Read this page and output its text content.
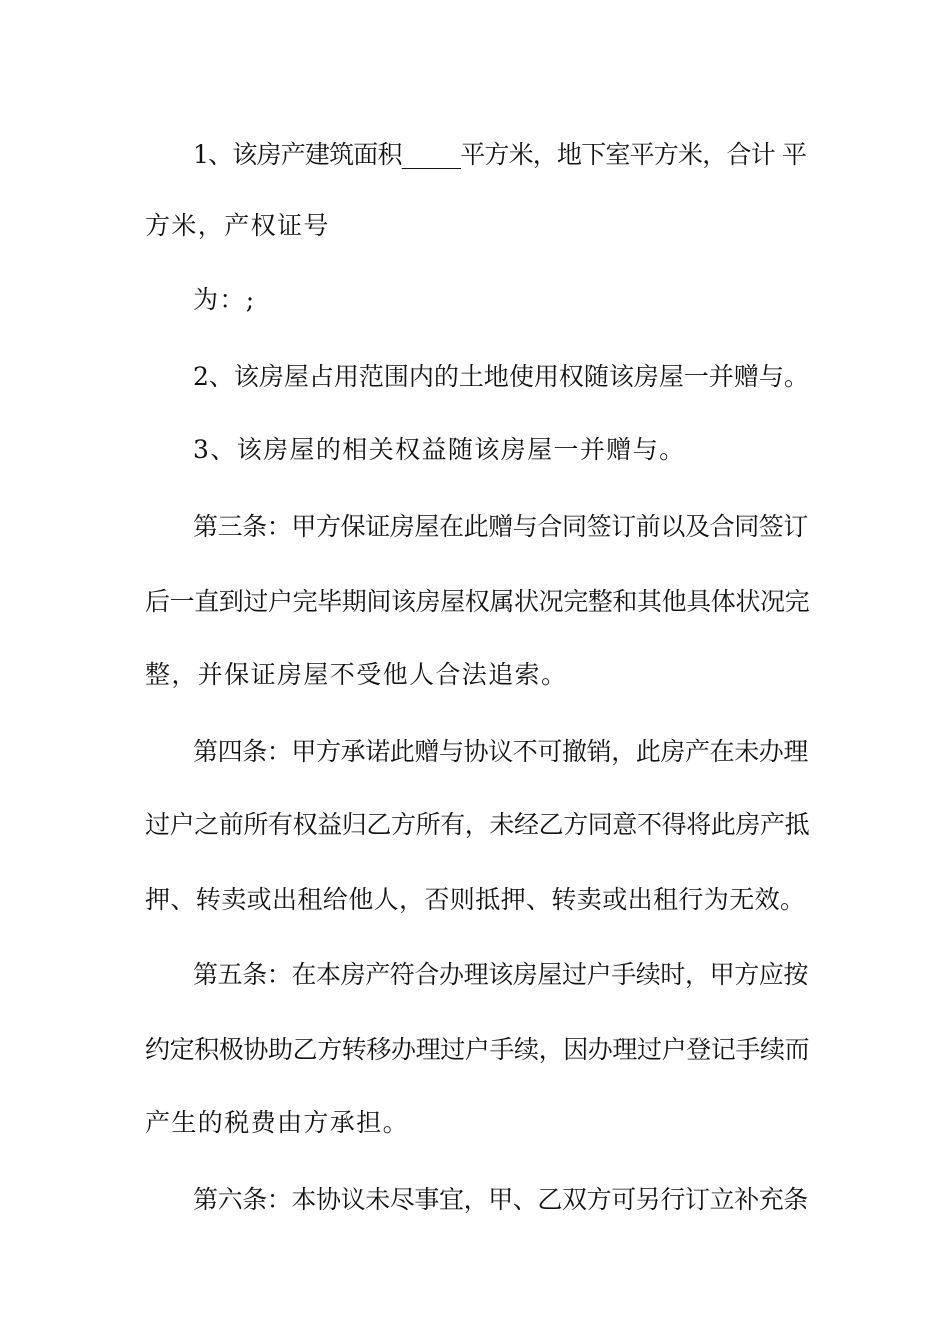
1、该房产建筑面积_____平方米，地下室平方米，合计 平
方米，产权证号
为：;
2、该房屋占用范围内的土地使用权随该房屋一并赠与。
3、该房屋的相关权益随该房屋一并赠与。
第三条：甲方保证房屋在此赠与合同签订前以及合同签订
后一直到过户完毕期间该房屋权属状况完整和其他具体状况完
整，并保证房屋不受他人合法追索。
第四条：甲方承诺此赠与协议不可撤销，此房产在未办理
过户之前所有权益归乙方所有，未经乙方同意不得将此房产抵
押、转卖或出租给他人，否则抵押、转卖或出租行为无效。
第五条：在本房产符合办理该房屋过户手续时，甲方应按
约定积极协助乙方转移办理过户手续，因办理过户登记手续而
产生的税费由方承担。
第六条：本协议未尽事宜，甲、乙双方可另行订立补充条
